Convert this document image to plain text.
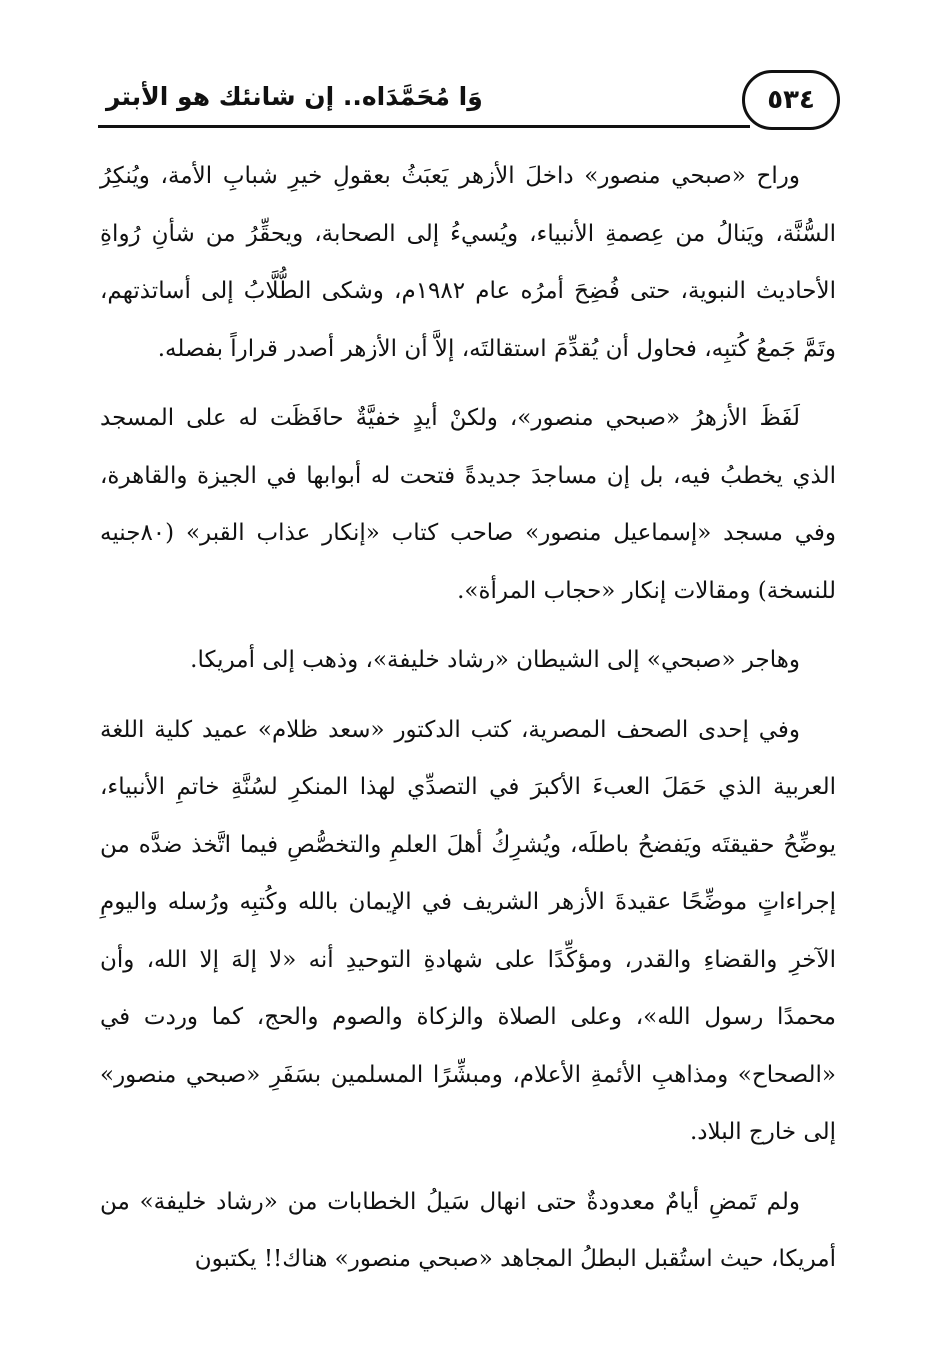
٥٣٤
وَا مُحَمَّدَاه.. إن شانئك هو الأبتر

وراح «صبحي منصور» داخلَ الأزهر يَعبَثُ بعقولِ خيرِ شبابِ الأمة، ويُنكِرُ السُّنَّة، ويَنالُ من عِصمةِ الأنبياء، ويُسيءُ إلى الصحابة، ويحقِّرُ من شأنِ رُواةِ الأحاديث النبوية، حتى فُضِحَ أمرُه عام ١٩٨٢م، وشكى الطُّلَّابُ إلى أساتذتهم، وتَمَّ جَمعُ كُتبِه، فحاول أن يُقدِّمَ استقالتَه، إلاَّ أن الأزهر أصدر قراراً بفصله.

لَفَظَ الأزهرُ «صبحي منصور»، ولكنْ أيدٍ خفيَّةٌ حافَظَت له على المسجد الذي يخطبُ فيه، بل إن مساجدَ جديدةً فتحت له أبوابها في الجيزة والقاهرة، وفي مسجد «إسماعيل منصور» صاحب كتاب «إنكار عذاب القبر» (٨٠جنيه للنسخة) ومقالات إنكار «حجاب المرأة».

وهاجر «صبحي» إلى الشيطان «رشاد خليفة»، وذهب إلى أمريكا.

وفي إحدى الصحف المصرية، كتب الدكتور «سعد ظلام» عميد كلية اللغة العربية الذي حَمَلَ العبءَ الأكبرَ في التصدِّي لهذا المنكرِ لسُنَّةِ خاتمِ الأنبياء، يوضِّحُ حقيقتَه ويَفضحُ باطلَه، ويُشرِكُ أهلَ العلمِ والتخصُّصِ فيما اتَّخذ ضدَّه من إجراءاتٍ موضِّحًا عقيدةَ الأزهر الشريف في الإيمان بالله وكُتبِه ورُسله واليومِ الآخرِ والقضاءِ والقدر، ومؤكِّدًا على شهادةِ التوحيدِ أنه «لا إلهَ إلا الله، وأن محمدًا رسول الله»، وعلى الصلاة والزكاة والصوم والحج، كما وردت في «الصحاح» ومذاهبِ الأئمةِ الأعلام، ومبشِّرًا المسلمين بسَفَرِ «صبحي منصور» إلى خارج البلاد.

ولم تَمضِ أيامٌ معدودةٌ حتى انهال سَيلُ الخطابات من «رشاد خليفة» من أمريكا، حيث استُقبل البطلُ المجاهد «صبحي منصور» هناك!! يكتبون
